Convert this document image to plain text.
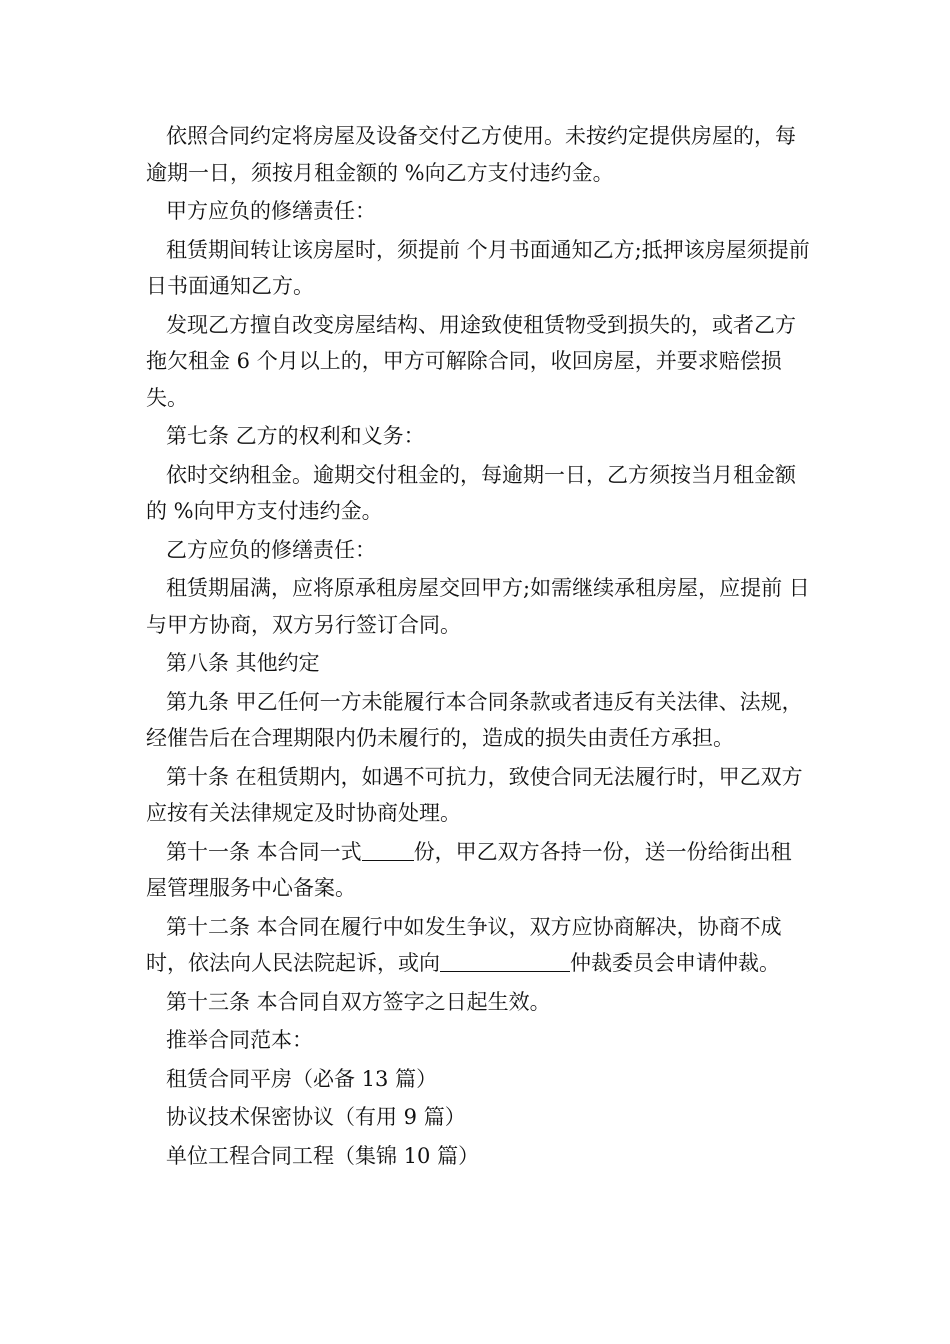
依照合同约定将房屋及设备交付乙方使用。未按约定提供房屋的，每逾期一日，须按月租金额的 %向乙方支付违约金。

甲方应负的修缮责任：

租赁期间转让该房屋时，须提前 个月书面通知乙方;抵押该房屋须提前 日书面通知乙方。

发现乙方擅自改变房屋结构、用途致使租赁物受到损失的，或者乙方拖欠租金 6 个月以上的，甲方可解除合同，收回房屋，并要求赔偿损失。

第七条 乙方的权利和义务：

依时交纳租金。逾期交付租金的，每逾期一日，乙方须按当月租金额的 %向甲方支付违约金。

乙方应负的修缮责任：

租赁期届满，应将原承租房屋交回甲方;如需继续承租房屋，应提前 日与甲方协商，双方另行签订合同。

第八条 其他约定

第九条 甲乙任何一方未能履行本合同条款或者违反有关法律、法规，经催告后在合理期限内仍未履行的，造成的损失由责任方承担。

第十条 在租赁期内，如遇不可抗力，致使合同无法履行时，甲乙双方应按有关法律规定及时协商处理。

第十一条 本合同一式 份，甲乙双方各持一份，送一份给街出租屋管理服务中心备案。

第十二条 本合同在履行中如发生争议，双方应协商解决，协商不成时，依法向人民法院起诉，或向	仲裁委员会申请仲裁。

第十三条 本合同自双方签字之日起生效。

推举合同范本：

租赁合同平房（必备 13 篇）

协议技术保密协议（有用 9 篇）

单位工程合同工程（集锦 10 篇）
